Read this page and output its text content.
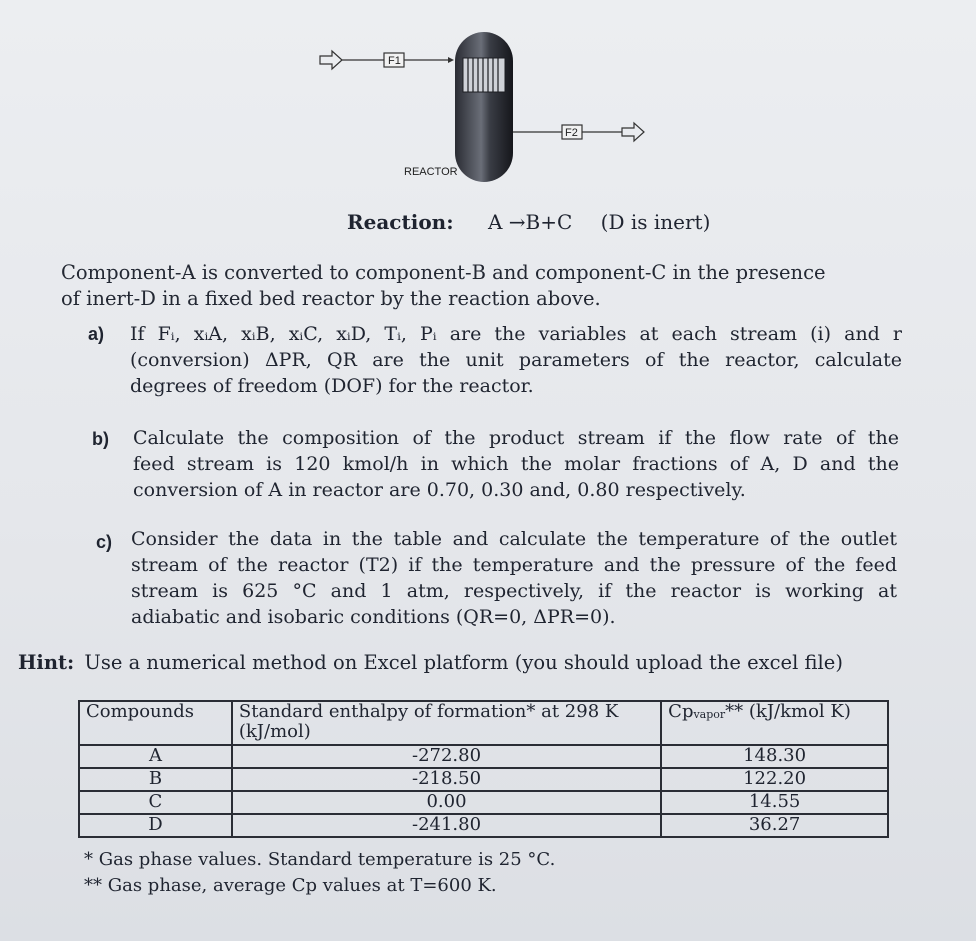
F1
F2
REACTOR
Reaction: A →B+C (D is inert)
Component-A is converted to component-B and component-C in the presence
of inert-D in a fixed bed reactor by the reaction above.
a) If Fᵢ, xᵢA, xᵢB, xᵢC, xᵢD, Tᵢ, Pᵢ are the variables at each stream (i) and r
(conversion) ΔPR, QR are the unit parameters of the reactor, calculate
degrees of freedom (DOF) for the reactor.
b) Calculate the composition of the product stream if the flow rate of the
feed stream is 120 kmol/h in which the molar fractions of A, D and the
conversion of A in reactor are 0.70, 0.30 and, 0.80 respectively.
c) Consider the data in the table and calculate the temperature of the outlet
stream of the reactor (T2) if the temperature and the pressure of the feed
stream is 625 °C and 1 atm, respectively, if the reactor is working at
adiabatic and isobaric conditions (QR=0, ΔPR=0).
Hint: Use a numerical method on Excel platform (you should upload the excel file)
Compounds	Standard enthalpy of formation* at 298 K (kJ/mol)	Cpvapor** (kJ/kmol K)
A	-272.80	148.30
B	-218.50	122.20
C	0.00	14.55
D	-241.80	36.27
* Gas phase values. Standard temperature is 25 °C.
** Gas phase, average Cp values at T=600 K.
